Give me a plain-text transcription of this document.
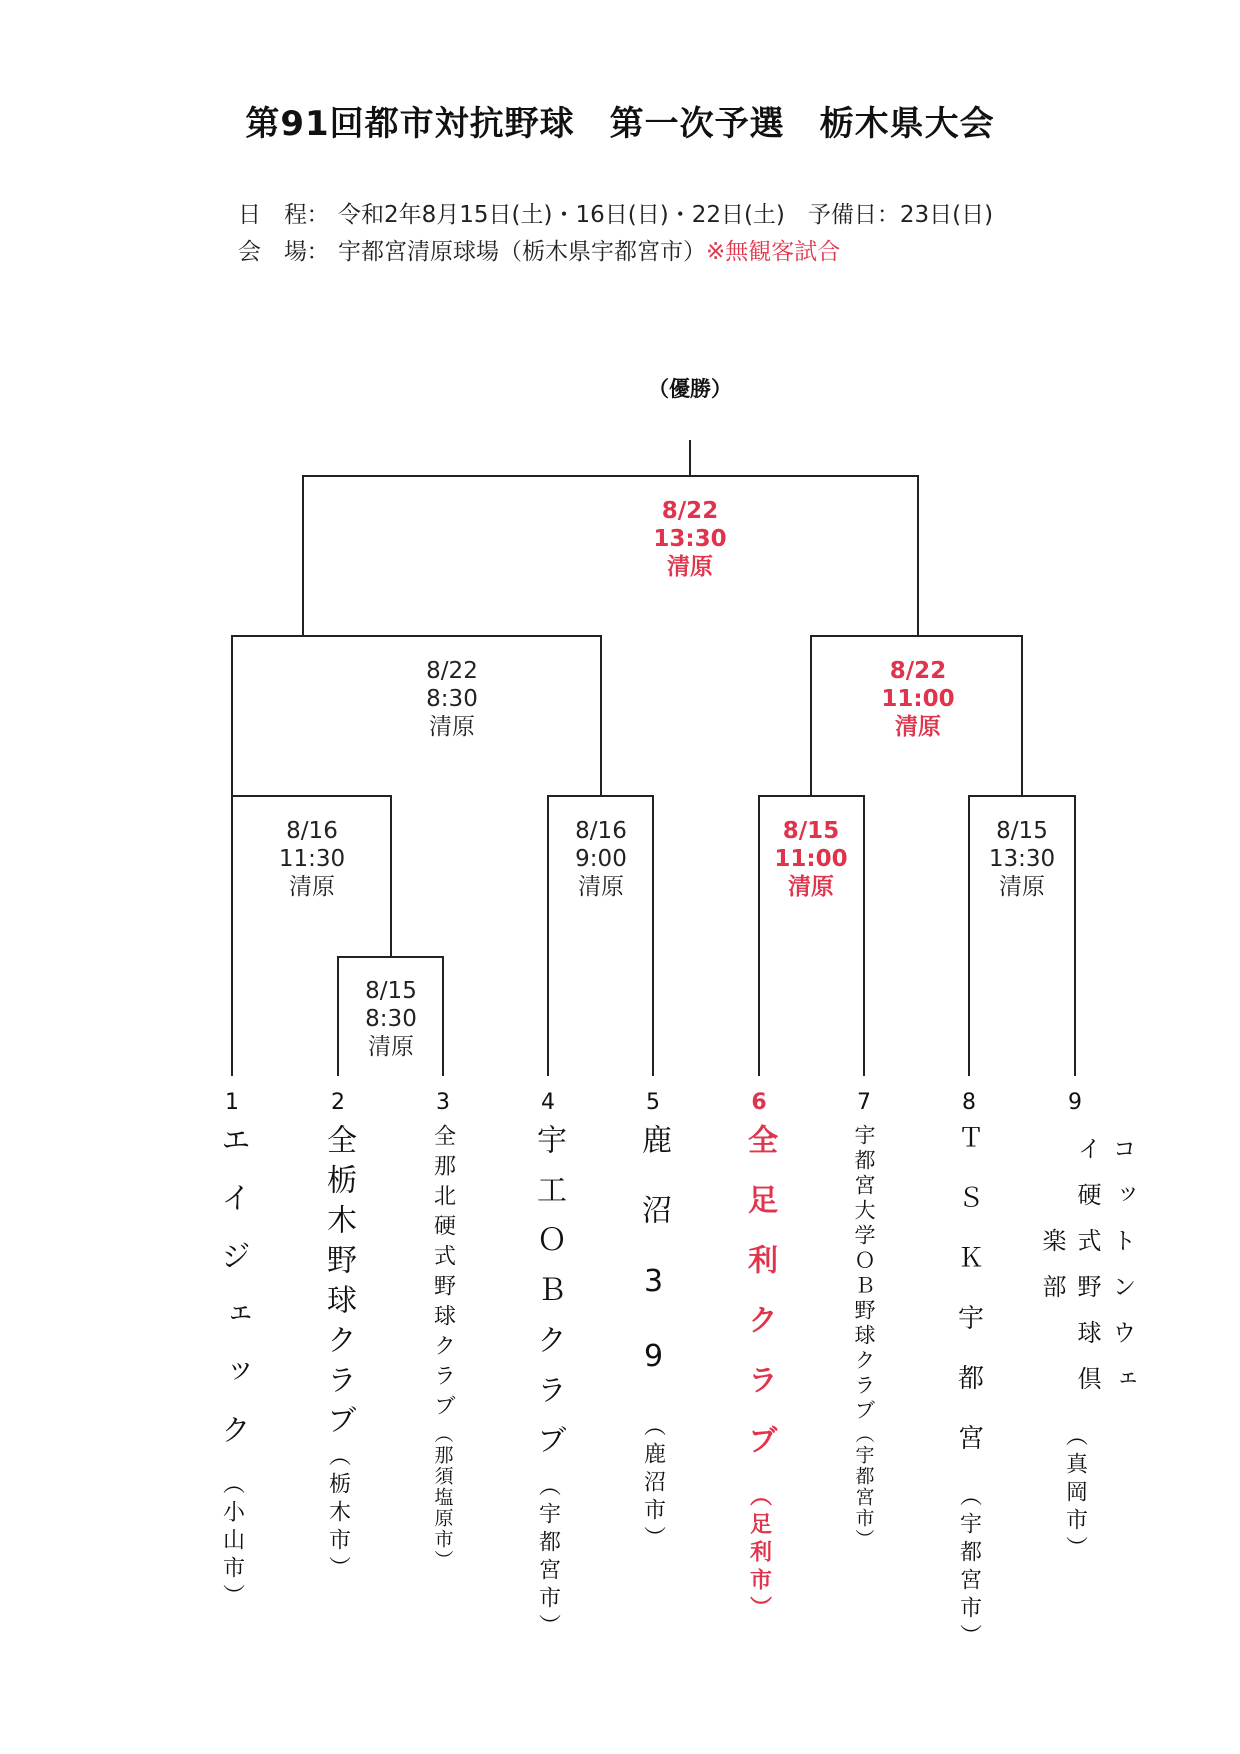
第91回都市対抗野球　第一次予選　栃木県大会
日　程： 令和2年8月15日(土)・16日(日)・22日(土)　予備日：23日(日)
会　場： 宇都宮清原球場（栃木県宇都宮市）※無観客試合
（優勝）
8/22
13:30
清原
8/22
8:30
清原
8/22
11:00
清原
8/16
11:30
清原
8/16
9:00
清原
8/15
11:00
清原
8/15
13:30
清原
8/15
8:30
清原
1
エイジェック
（小山市）
2
全栃木野球クラブ
（栃木市）
3
全那北硬式野球クラブ
（那須塩原市）
4
宇工ＯＢクラブ
（宇都宮市）
5
鹿沼39
（鹿沼市）
6
全足利クラブ
（足利市）
7
宇都宮大学ＯＢ野球クラブ
（宇都宮市）
8
ＴＳＫ宇都宮
（宇都宮市）
9
コットンウェイ硬式野球倶楽部
（真岡市）
